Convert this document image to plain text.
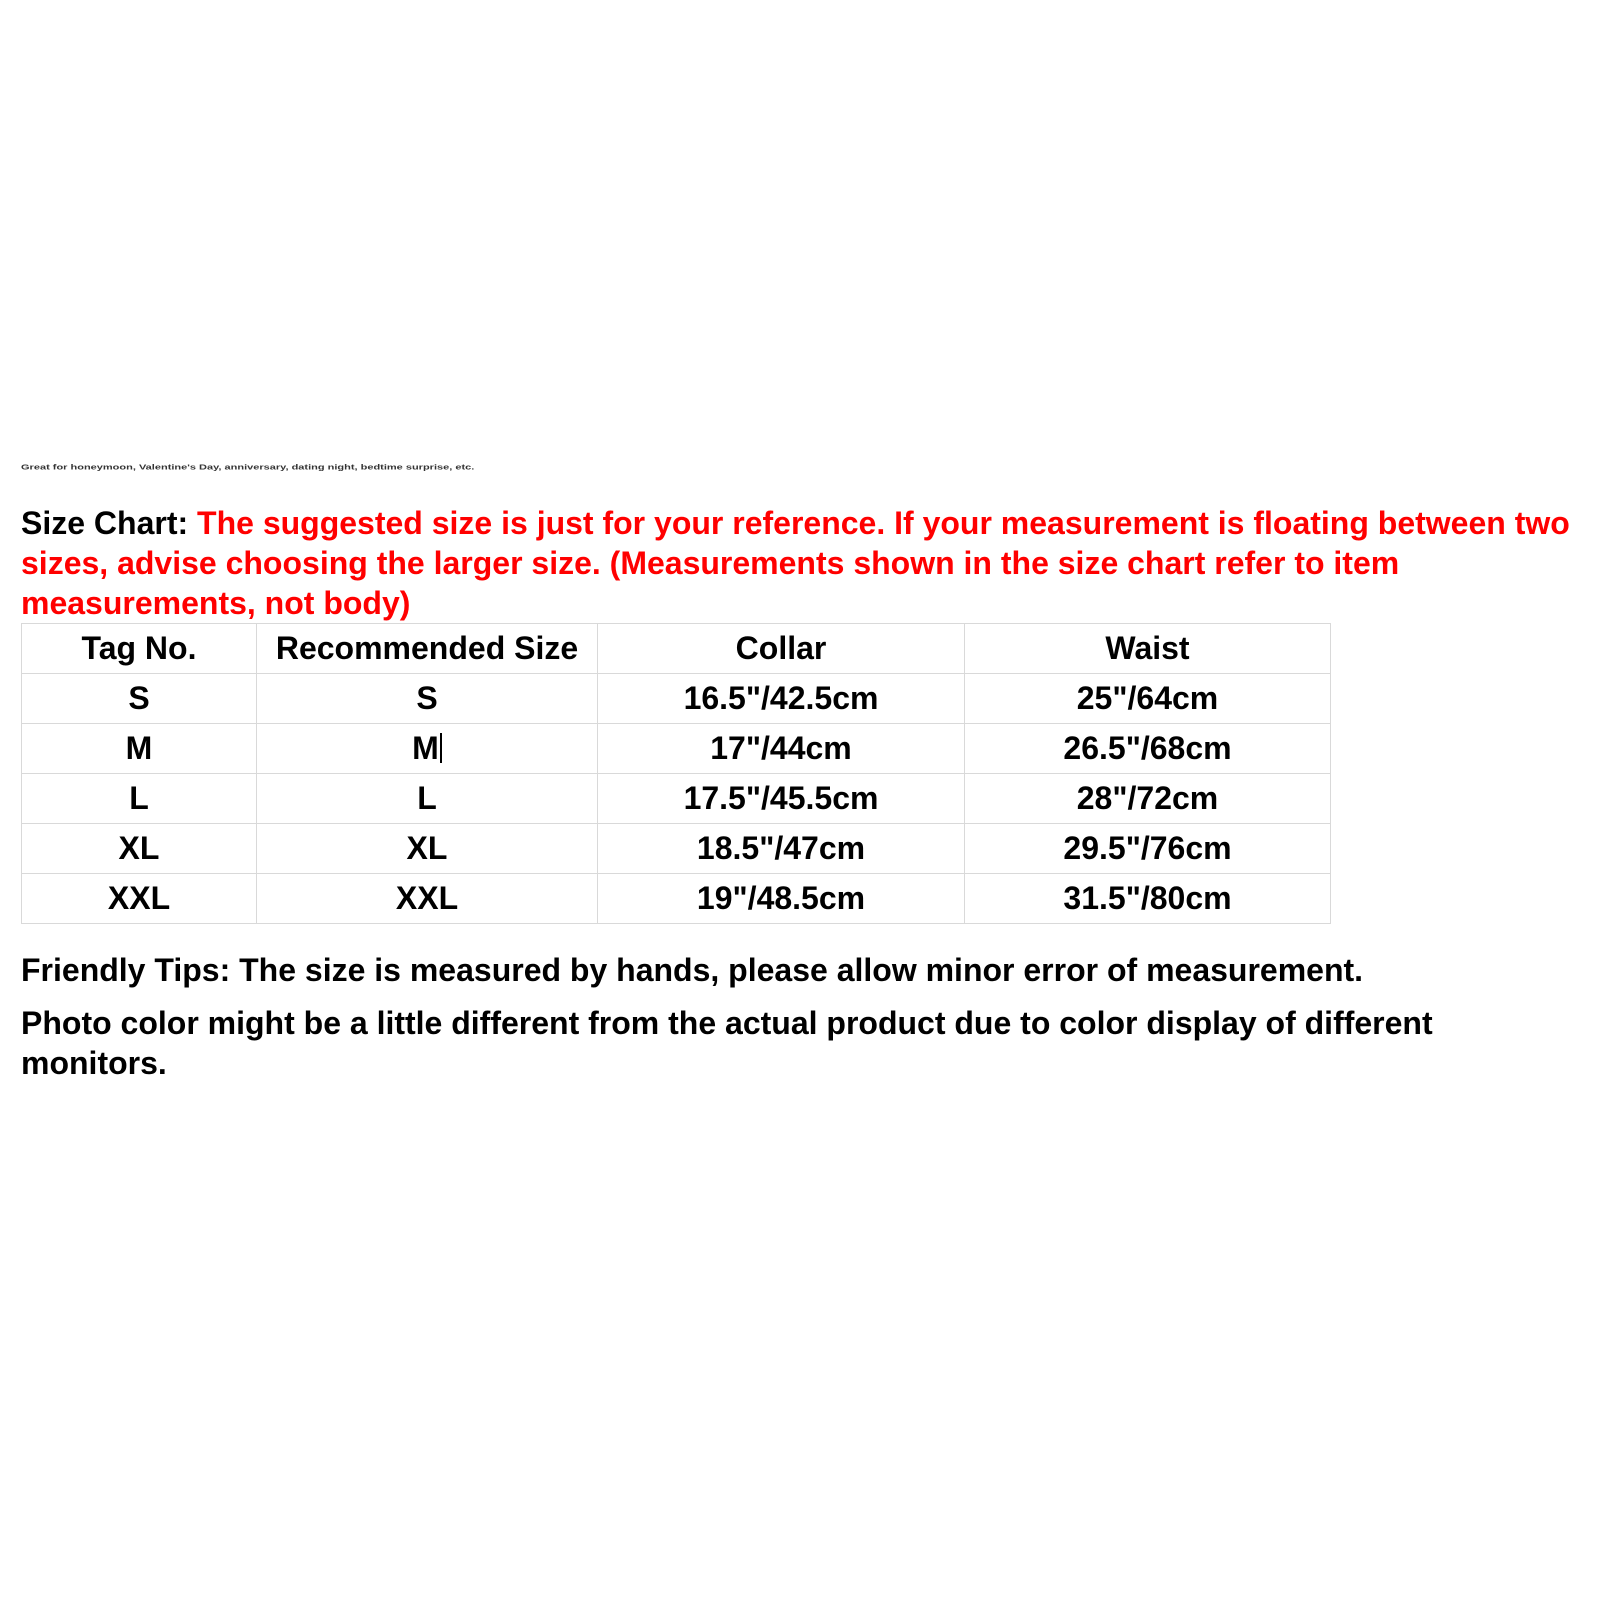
Great for honeymoon, Valentine's Day, anniversary, dating night, bedtime surprise, etc.

Size Chart: The suggested size is just for your reference. If your measurement is floating between two sizes, advise choosing the larger size. (Measurements shown in the size chart refer to item measurements, not body)

Tag No.	Recommended Size	Collar	Waist
S	S	16.5"/42.5cm	25"/64cm
M	M	17"/44cm	26.5"/68cm
L	L	17.5"/45.5cm	28"/72cm
XL	XL	18.5"/47cm	29.5"/76cm
XXL	XXL	19"/48.5cm	31.5"/80cm

Friendly Tips: The size is measured by hands, please allow minor error of measurement.

Photo color might be a little different from the actual product due to color display of different monitors.
